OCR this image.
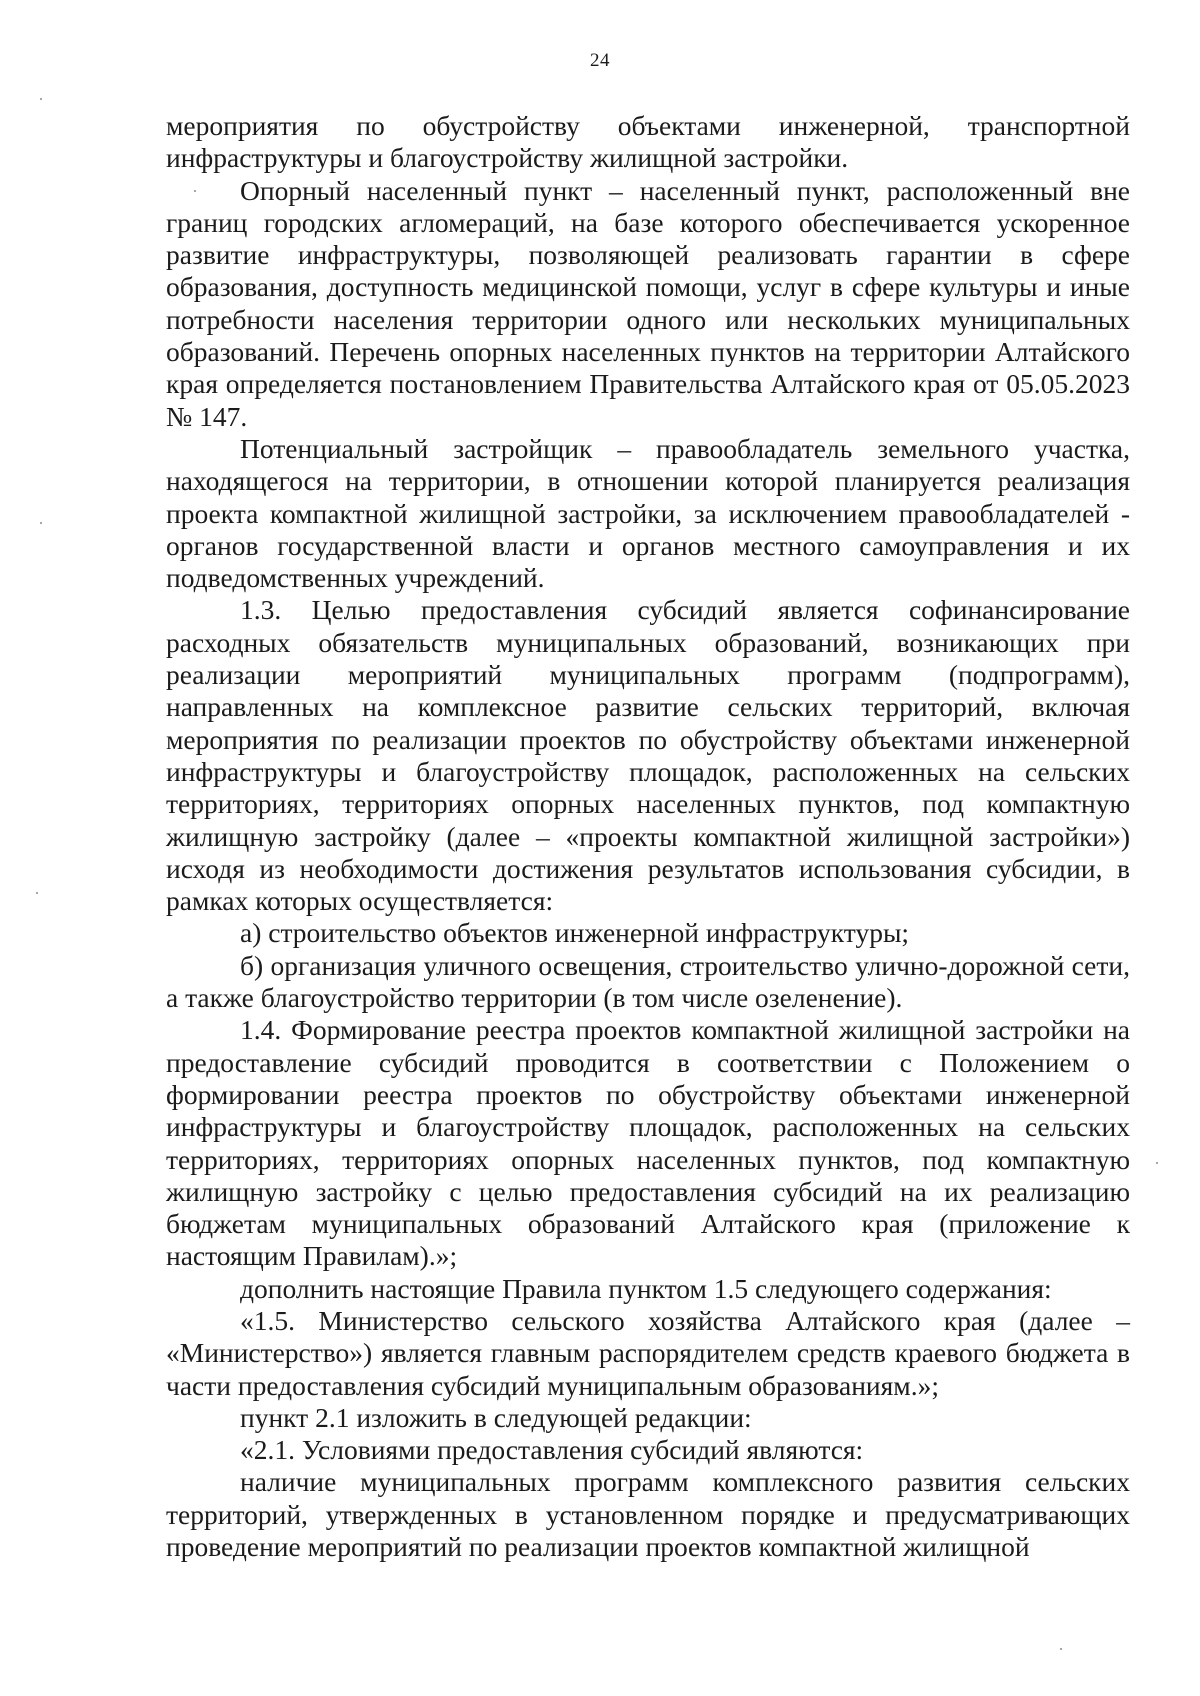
24

мероприятия по обустройству объектами инженерной, транспортной инфраструктуры и благоустройству жилищной застройки.

Опорный населенный пункт – населенный пункт, расположенный вне границ городских агломераций, на базе которого обеспечивается ускоренное развитие инфраструктуры, позволяющей реализовать гарантии в сфере образования, доступность медицинской помощи, услуг в сфере культуры и иные потребности населения территории одного или нескольких муниципальных образований. Перечень опорных населенных пунктов на территории Алтайского края определяется постановлением Правительства Алтайского края от 05.05.2023 № 147.

Потенциальный застройщик – правообладатель земельного участка, находящегося на территории, в отношении которой планируется реализация проекта компактной жилищной застройки, за исключением правообладателей - органов государственной власти и органов местного самоуправления и их подведомственных учреждений.

1.3. Целью предоставления субсидий является софинансирование расходных обязательств муниципальных образований, возникающих при реализации мероприятий муниципальных программ (подпрограмм), направленных на комплексное развитие сельских территорий, включая мероприятия по реализации проектов по обустройству объектами инженерной инфраструктуры и благоустройству площадок, расположенных на сельских территориях, территориях опорных населенных пунктов, под компактную жилищную застройку (далее – «проекты компактной жилищной застройки») исходя из необходимости достижения результатов использования субсидии, в рамках которых осуществляется:

а) строительство объектов инженерной инфраструктуры;

б) организация уличного освещения, строительство улично-дорожной сети, а также благоустройство территории (в том числе озеленение).

1.4. Формирование реестра проектов компактной жилищной застройки на предоставление субсидий проводится в соответствии с Положением о формировании реестра проектов по обустройству объектами инженерной инфраструктуры и благоустройству площадок, расположенных на сельских территориях, территориях опорных населенных пунктов, под компактную жилищную застройку с целью предоставления субсидий на их реализацию бюджетам муниципальных образований Алтайского края (приложение к настоящим Правилам).»;

дополнить настоящие Правила пунктом 1.5 следующего содержания:

«1.5. Министерство сельского хозяйства Алтайского края (далее – «Министерство») является главным распорядителем средств краевого бюджета в части предоставления субсидий муниципальным образованиям.»;

пункт 2.1 изложить в следующей редакции:

«2.1. Условиями предоставления субсидий являются:

наличие муниципальных программ комплексного развития сельских территорий, утвержденных в установленном порядке и предусматривающих проведение мероприятий по реализации проектов компактной жилищной
